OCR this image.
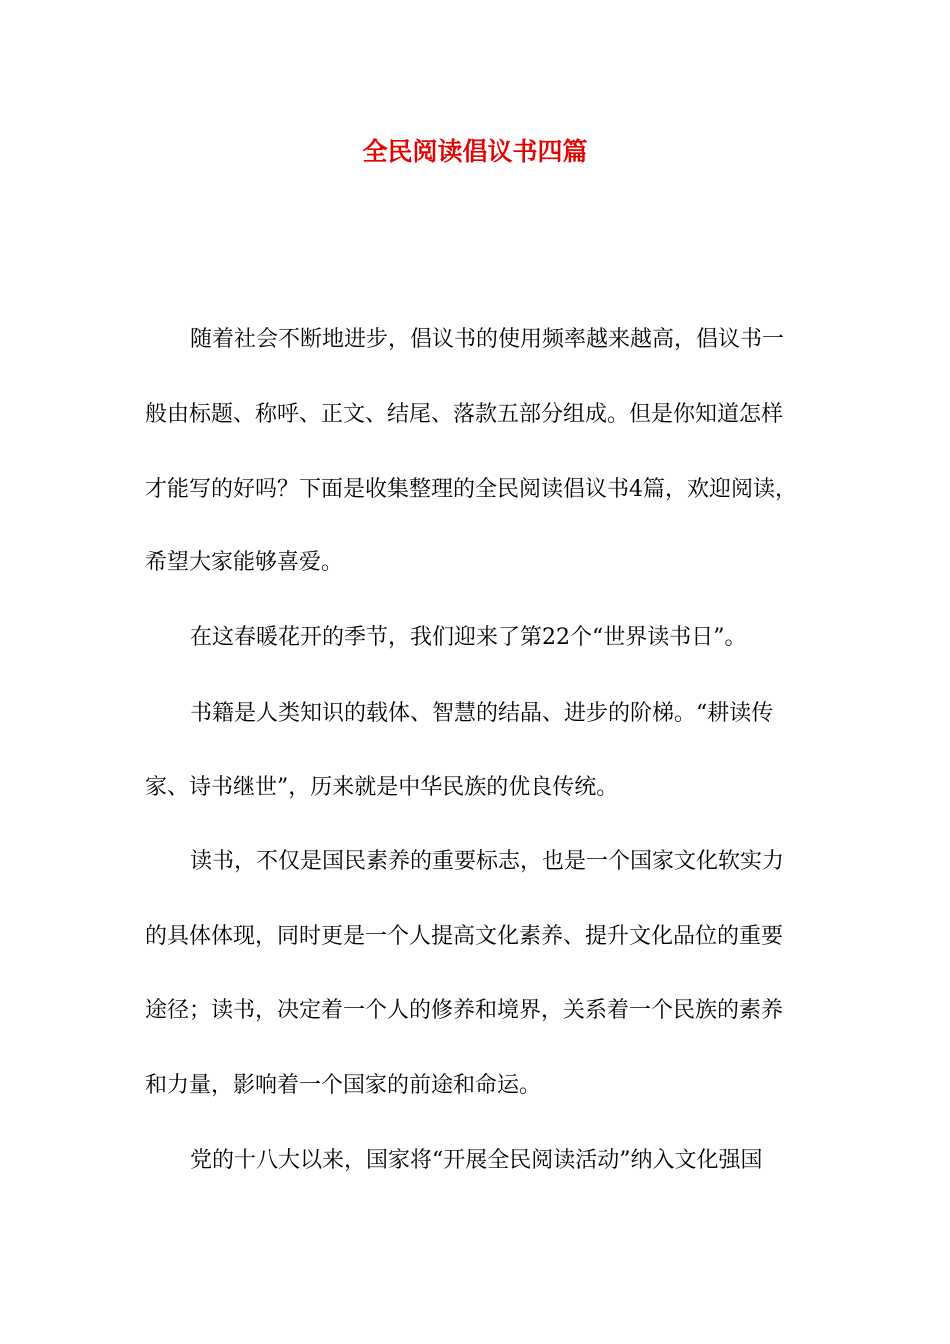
全民阅读倡议书四篇

随着社会不断地进步，倡议书的使用频率越来越高，倡议书一

般由标题、称呼、正文、结尾、落款五部分组成。但是你知道怎样

才能写的好吗？下面是收集整理的全民阅读倡议书4篇，欢迎阅读，

希望大家能够喜爱。

在这春暖花开的季节，我们迎来了第22个“世界读书日”。

书籍是人类知识的载体、智慧的结晶、进步的阶梯。“耕读传

家、诗书继世”，历来就是中华民族的优良传统。

读书，不仅是国民素养的重要标志，也是一个国家文化软实力

的具体体现，同时更是一个人提高文化素养、提升文化品位的重要

途径；读书，决定着一个人的修养和境界，关系着一个民族的素养

和力量，影响着一个国家的前途和命运。

党的十八大以来，国家将“开展全民阅读活动”纳入文化强国
